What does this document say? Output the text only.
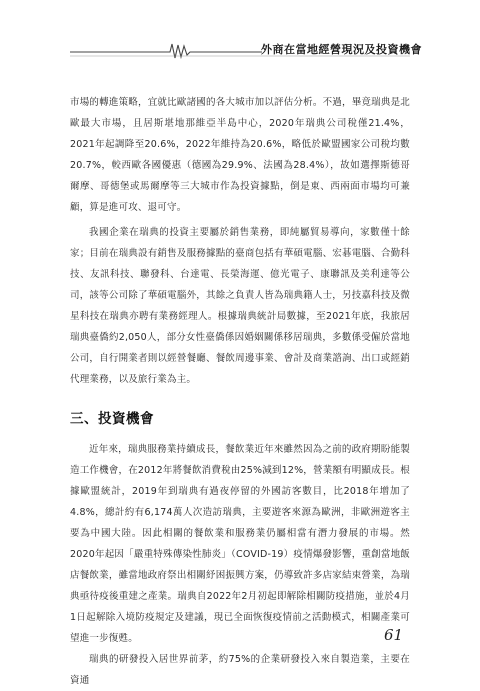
外商在當地經營現況及投資機會

市場的轉進策略，宜就比歐諸國的各大城市加以評估分析。不過，畢竟瑞典是北歐最大市場，且居斯堪地那維亞半島中心，2020年瑞典公司稅僅21.4%，2021年起調降至20.6%，2022年維持為20.6%，略低於歐盟國家公司稅均數20.7%，較西歐各國優惠（德國為29.9%、法國為28.4%），故如選擇斯德哥爾摩、哥德堡或馬爾摩等三大城市作為投資據點，倒是東、西兩面市場均可兼顧，算是進可攻、退可守。

我國企業在瑞典的投資主要屬於銷售業務，即純屬貿易導向，家數僅十餘家；目前在瑞典設有銷售及服務據點的臺商包括有華碩電腦、宏碁電腦、合勤科技、友訊科技、聯發科、台達電、長榮海運、億光電子、康聯訊及美利達等公司，該等公司除了華碩電腦外，其餘之負責人皆為瑞典籍人士，另技嘉科技及微星科技在瑞典亦聘有業務經理人。根據瑞典統計局數據，至2021年底，我旅居瑞典臺僑約2,050人，部分女性臺僑係因婚姻關係移居瑞典，多數係受僱於當地公司，自行開業者則以經營餐廳、餐飲周邊事業、會計及商業諮詢、出口或經銷代理業務，以及旅行業為主。

三、投資機會

近年來，瑞典服務業持續成長，餐飲業近年來雖然因為之前的政府期盼能製造工作機會，在2012年將餐飲消費稅由25%減到12%，營業額有明顯成長。根據歐盟統計，2019年到瑞典有過夜停留的外國訪客數目，比2018年增加了4.8%，總計約有6,174萬人次造訪瑞典，主要遊客來源為歐洲，非歐洲遊客主要為中國大陸。因此相關的餐飲業和服務業仍屬相當有潛力發展的市場。然2020年起因「嚴重特殊傳染性肺炎」（COVID-19）疫情爆發影響，重創當地飯店餐飲業，雖當地政府祭出相關紓困振興方案，仍導致許多店家結束營業，為瑞典亟待疫後重建之產業。瑞典自2022年2月初起即解除相關防疫措施，並於4月1日起解除入境防疫規定及建議，現已全面恢復疫情前之活動模式，相關產業可望進一步復甦。

瑞典的研發投入居世界前茅，約75%的企業研發投入來自製造業，主要在資通

61
